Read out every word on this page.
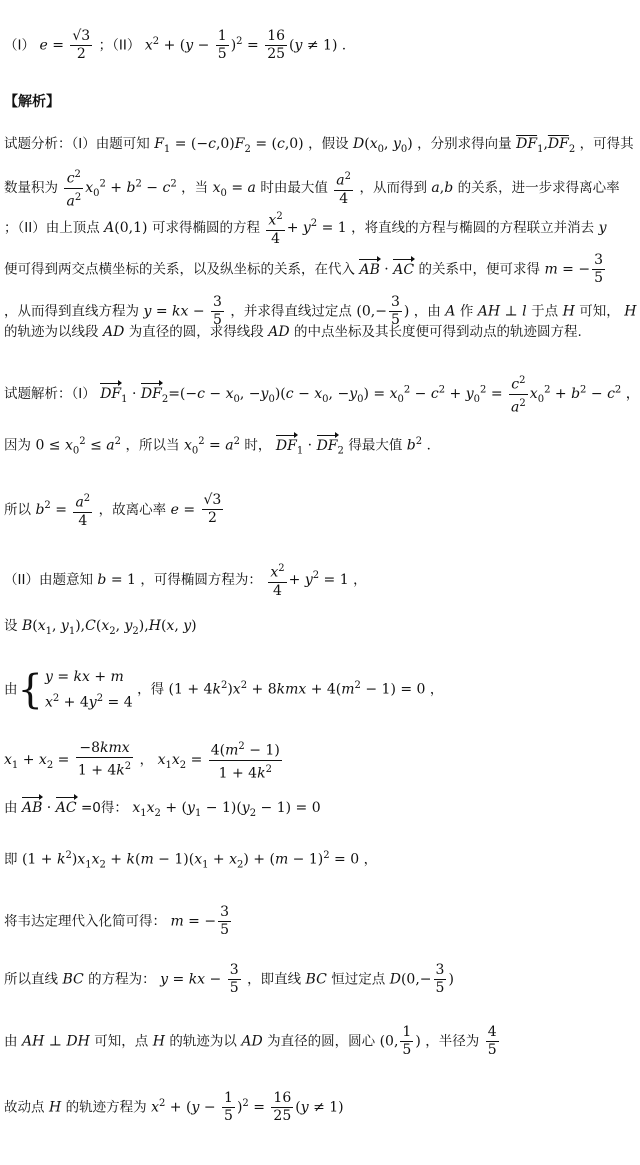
（I） $e = \frac{√3}{2}$ ；（II） $x^2 + (y - \frac{1}{5} )^2 = \frac{16}{25} (y \ne 1)$ ．
【解析】
试题分析：（I）由题可知 $F_1 = (-c,0)F_2 = (c,0)$ ，假设 $D(x_0$, $y_0$) ，分别求得向量 $\overline{DF}_1,\overline{DF}_2$ ，可得其
数量积为 $\frac{c^2}{a^2} x_0^2 + b^2 - c^2$ ，当 $x_0 = a$ 时由最大值 $\frac{a^2}{4}$ ，从而得到 a,b 的关系，进一步求得离心率
；（II）由上顶点 A(0,1) 可求得椭圆的方程 $\frac{x^2}{4} + y^2 = 1$ ，将直线的方程与椭圆的方程联立并消去 y
便可得到两交点横坐标的关系，以及纵坐标的关系，在代入 AB · AC 的关系中，便可求得 m = − $\frac{3}{5}$
，从而得到直线方程为 y = kx − $\frac{3}{5}$ ，并求得直线过定点 ($0,- \frac{3}{5}$ ) ，由 A 作 AH ⊥ l 于点 H 可知， H
的轨迹为以线段 AD 为直径的圆，求得线段 AD 的中点坐标及其长度便可得到动点的轨迹圆方程.
试题解析：（I） $DF_1 \cdot DF_2=(-c - x_0$, $-y_0)(c - x_0$, $-y_0) = x_0^2 - c^2 + y_0^2 = \frac{c^2}{a^2} x_0^2 + b^2 - c^2$ ，
因为 $0 \le x_0^2 \le a^2$ ，所以当 $x_0^2 = a^2$ 时， $DF_1 \cdot DF_2$ 得最大值 $b^2$ ．
所以 $b^2 = \frac{a^2}{4}$ ，故离心率 $e = \frac{√3}{2}$
（II）由题意知 b = 1 ，可得椭圆方程为： $\frac{x^2}{4} + y^2 = 1$ ，
设 $B(x_1$, $y_1),C(x_2$, $y_2),H(x$, y)
由{ y = kx + m
$x^2 + 4y^2 = 4$
，得 $(1 + 4k^2)x^2 + 8kmx + 4(m^2 - 1) = 0$ ，
$x_1 + x_2 = \frac{\text{−8kmx}}{1 + 4k^2}$ ， $x_1x_2 = \frac{4(m^2 - 1)}{1 + 4k^2}$
由 AB · AC =0得： $x_1x_2 + (y_1 - 1)(y_2 - 1) = 0$
即 $(1 + k^2)x_1x_2 + k(m - 1)(x_1 + x_2) + (m - 1)^2 = 0$ ，
将韦达定理代入化简可得： m = − $\frac{3}{5}$
所以直线 BC 的方程为： y = kx − $\frac{3}{5}$ ，即直线 BC 恒过定点 $D(0,- \frac{3}{5}$ )
由 AH ⊥ DH 可知，点 H 的轨迹为以 AD 为直径的圆，圆心 (0, $\frac{1}{5}$ ) ，半径为 $\frac{4}{5}$
故动点 H 的轨迹方程为 $x^2 + (y - \frac{1}{5} )^2 = \frac{16}{25} (y \ne 1)$
